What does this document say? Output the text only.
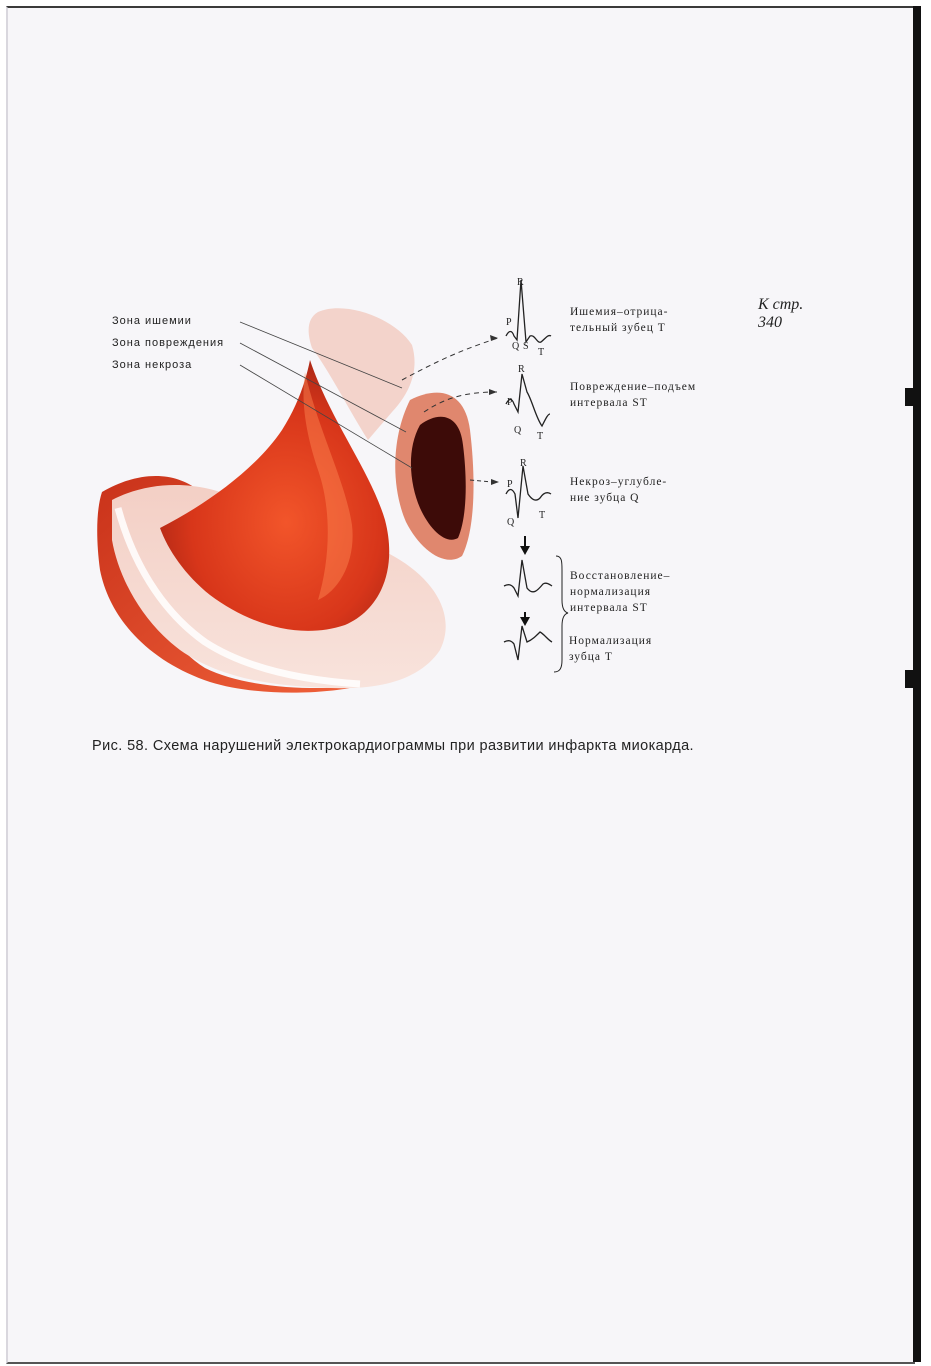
Зона ишемии
Зона повреждения
Зона некроза
R
P
Q S
T
R
P
Q
T
R
P
Q
T
Ишемия–отрица-
тельный зубец Т
Повреждение–подъем
интервала ST
Некроз–углубле-
ние зубца Q
Восстановление–
нормализация
интервала ST
Нормализация
зубца Т
К стр.
340
Рис. 58. Схема нарушений электрокардиограммы при развитии инфаркта миокарда.
